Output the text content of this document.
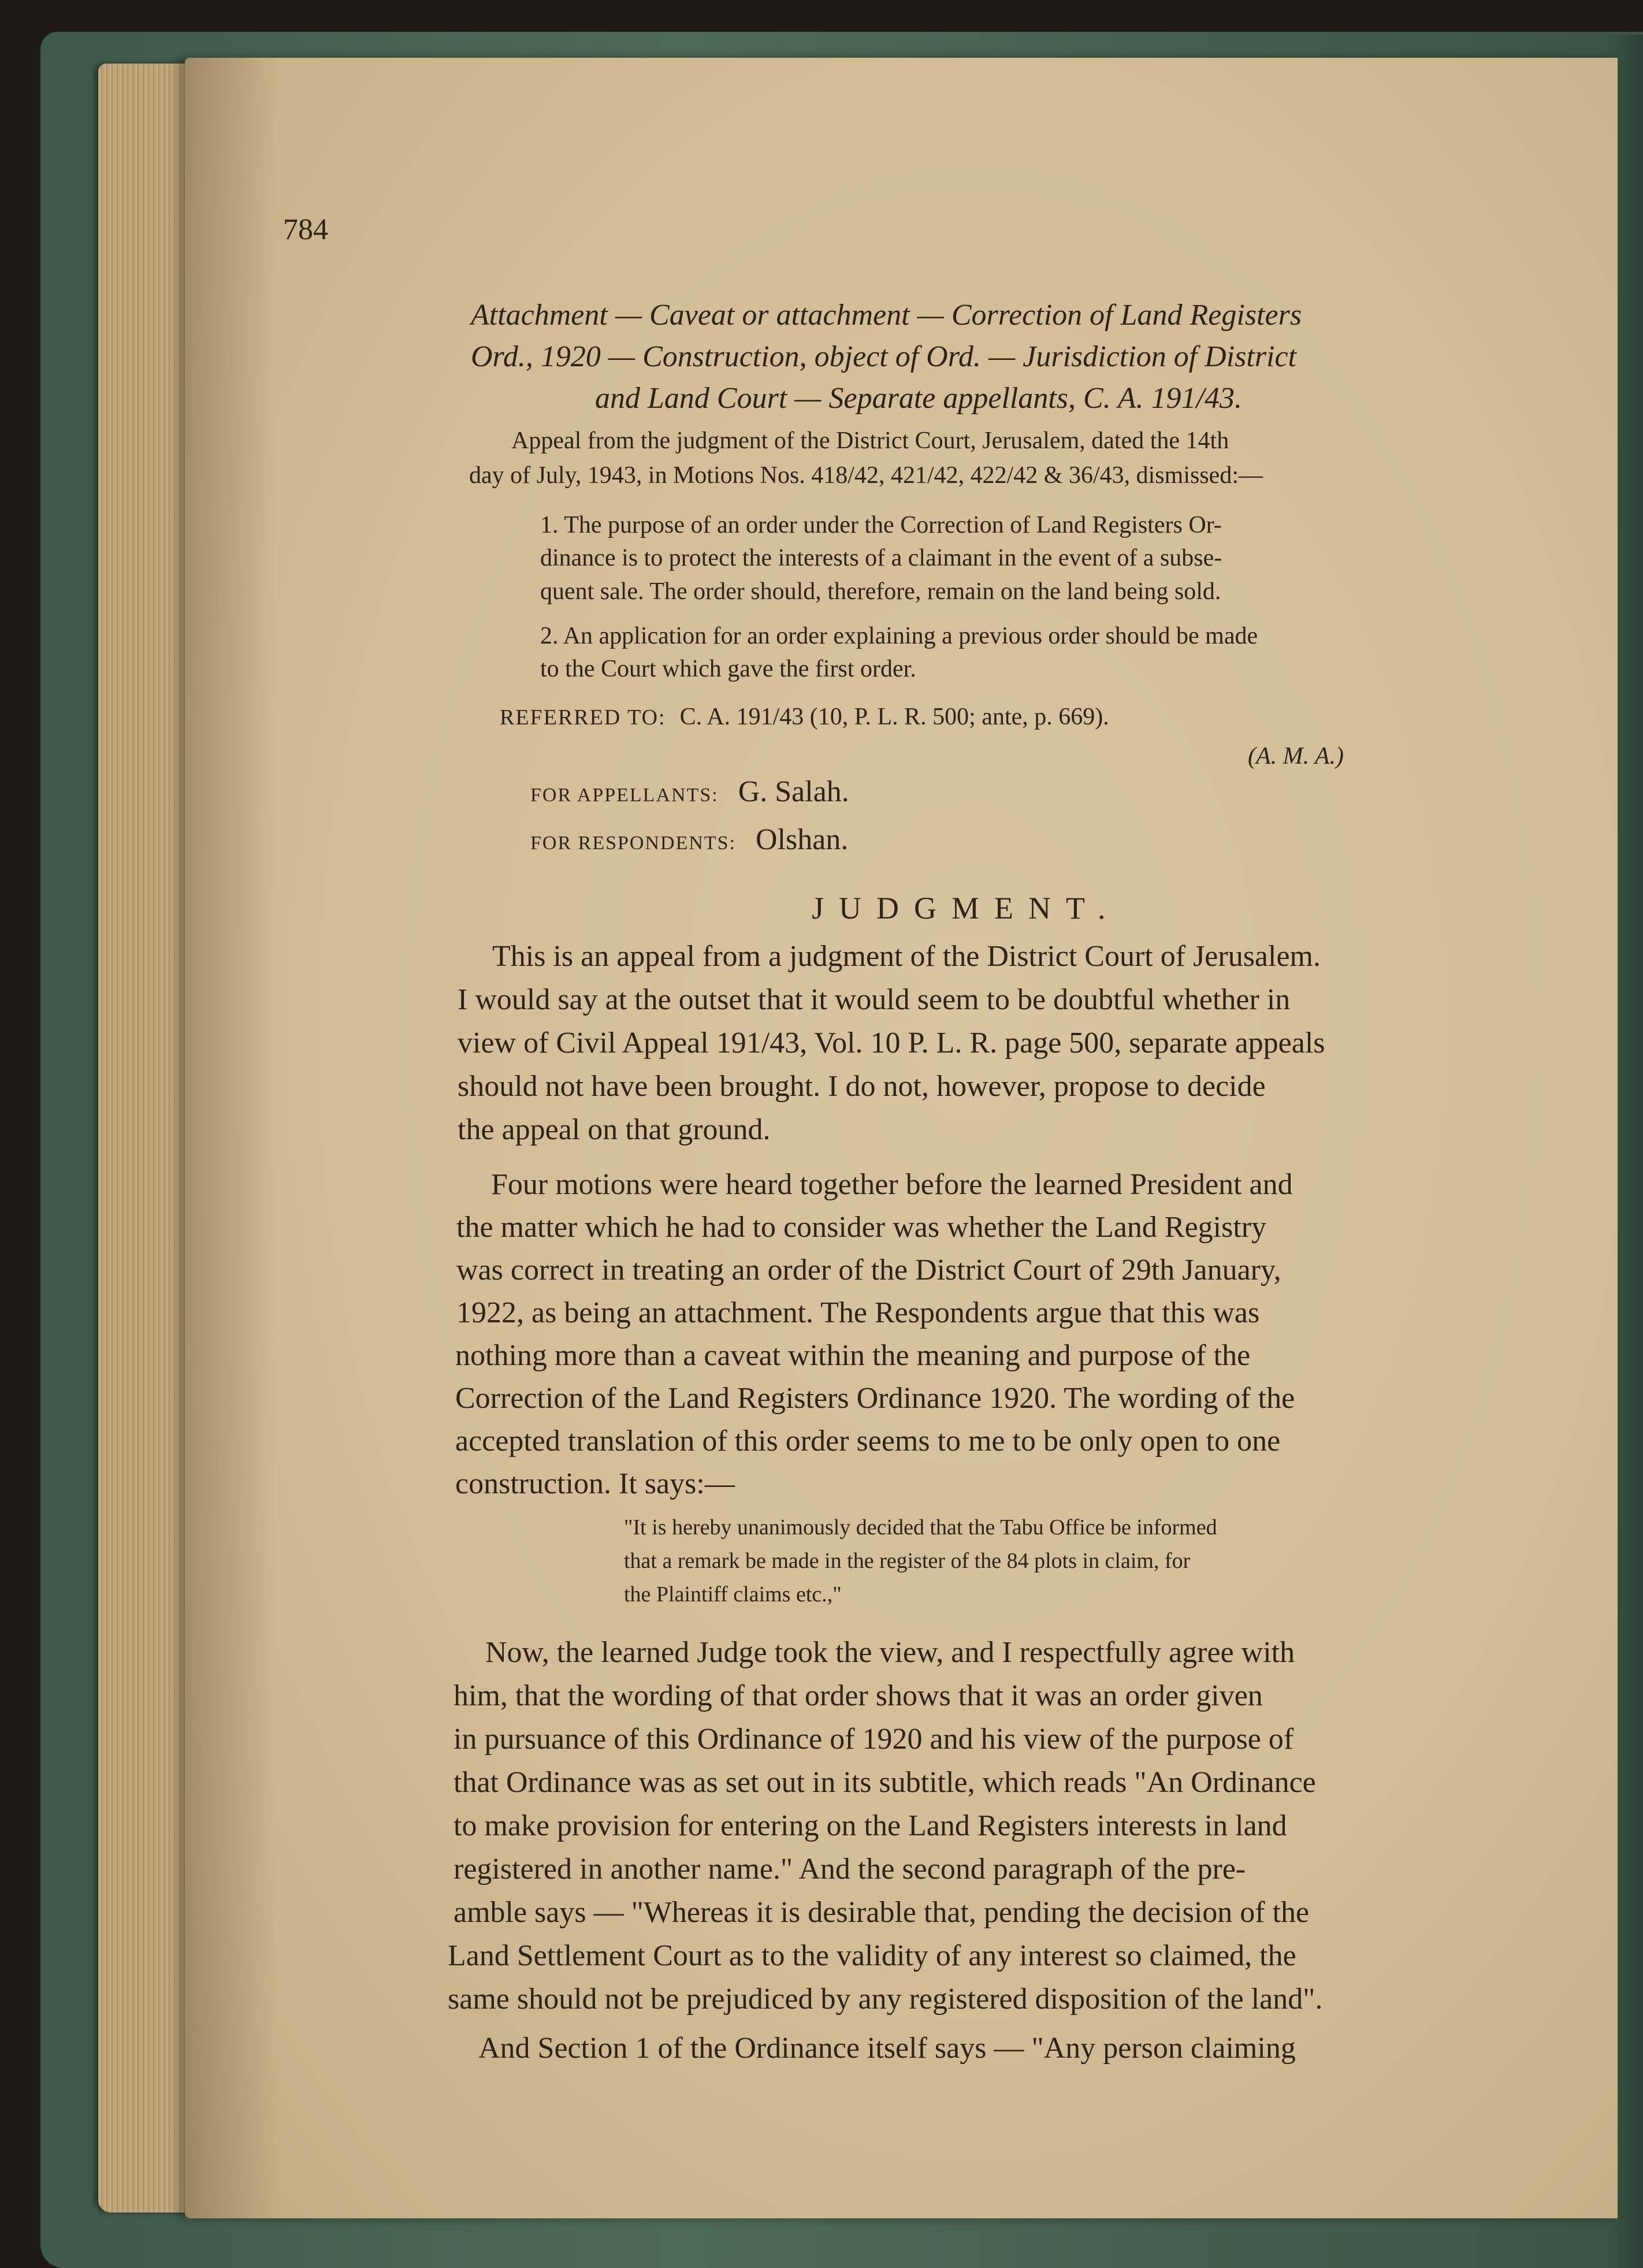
784
Attachment — Caveat or attachment — Correction of Land Registers
Ord., 1920 — Construction, object of Ord. — Jurisdiction of District
and Land Court — Separate appellants, C. A. 191/43.
Appeal from the judgment of the District Court, Jerusalem, dated the 14th
day of July, 1943, in Motions Nos. 418/42, 421/42, 422/42 & 36/43, dismissed:—
1. The purpose of an order under the Correction of Land Registers Or-
dinance is to protect the interests of a claimant in the event of a subse-
quent sale. The order should, therefore, remain on the land being sold.
2. An application for an order explaining a previous order should be made
to the Court which gave the first order.
REFERRED TO: C. A. 191/43 (10, P. L. R. 500; ante, p. 669).
(A. M. A.)
FOR APPELLANTS: G. Salah.
FOR RESPONDENTS: Olshan.
JUDGMENT.
This is an appeal from a judgment of the District Court of Jerusalem.
I would say at the outset that it would seem to be doubtful whether in
view of Civil Appeal 191/43, Vol. 10 P. L. R. page 500, separate appeals
should not have been brought. I do not, however, propose to decide
the appeal on that ground.
Four motions were heard together before the learned President and
the matter which he had to consider was whether the Land Registry
was correct in treating an order of the District Court of 29th January,
1922, as being an attachment. The Respondents argue that this was
nothing more than a caveat within the meaning and purpose of the
Correction of the Land Registers Ordinance 1920. The wording of the
accepted translation of this order seems to me to be only open to one
construction. It says:—
"It is hereby unanimously decided that the Tabu Office be informed
that a remark be made in the register of the 84 plots in claim, for
the Plaintiff claims etc.,"
Now, the learned Judge took the view, and I respectfully agree with
him, that the wording of that order shows that it was an order given
in pursuance of this Ordinance of 1920 and his view of the purpose of
that Ordinance was as set out in its subtitle, which reads "An Ordinance
to make provision for entering on the Land Registers interests in land
registered in another name." And the second paragraph of the pre-
amble says — "Whereas it is desirable that, pending the decision of the
Land Settlement Court as to the validity of any interest so claimed, the
same should not be prejudiced by any registered disposition of the land".
And Section 1 of the Ordinance itself says — "Any person claiming
